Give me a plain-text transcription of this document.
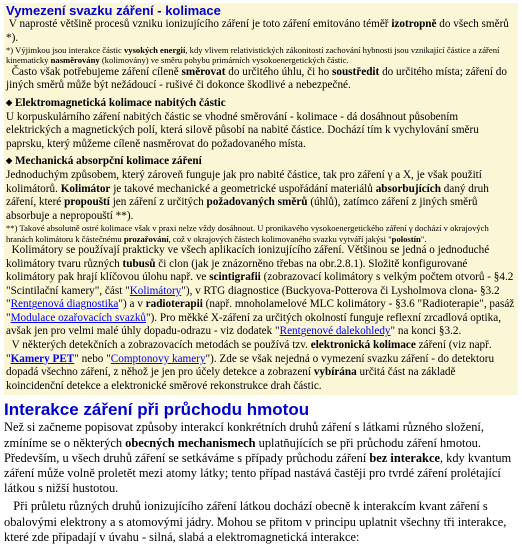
Vymezení svazku záření - kolimace

V naprosté většině procesů vzniku ionizujícího záření je toto záření emitováno téměř izotropně do všech směrů *).

*) Výjimkou jsou interakce částic vysokých energií, kdy vlivem relativistických zákonitostí zachování hybnosti jsou vznikající částice a záření kinematicky nasměrovány (kolimovány) ve směru pohybu primárních vysokoenergetických částic.

Často však potřebujeme záření cíleně směrovat do určitého úhlu, či ho soustředit do určitého místa; záření do jiných směrů může být nežádoucí - rušivé či dokonce škodlivé a nebezpečné.

◆ Elektromagnetická kolimace nabitých částic

U korpuskulárního záření nabitých částic se vhodné směrování - kolimace - dá dosáhnout působením elektrických a magnetických polí, která silově působí na nabité částice. Dochází tím k vychylování směru paprsku, který můžeme cíleně nasměrovat do požadovaného místa.

◆ Mechanická absorpční kolimace záření

Jednoduchým způsobem, který zároveň funguje jak pro nabité částice, tak pro záření γ a X, je však použití kolimátorů. Kolimátor je takové mechanické a geometrické uspořádání materiálů absorbujících daný druh záření, které propouští jen záření z určitých požadovaných směrů (úhlů), zatímco záření z jiných směrů absorbuje a nepropouští **).

**) Takové absolutně ostré kolimace však v praxi nelze vždy dosáhnout. U pronikavého vysokoenergetického záření γ dochází v okrajových hranách kolimátoru k částečnému prozařování, což v okrajových částech kolimovaného svazku vytváří jakýsi "polostín".

Kolimátory se používají prakticky ve všech aplikacích ionizujícího záření. Většinou se jedná o jednoduché kolimátory tvaru různých tubusů či clon (jak je znázorněno třebas na obr.2.8.1). Složitě konfigurované kolimátory pak hrají klíčovou úlohu např. ve scintigrafii (zobrazovací kolimátory s velkým počtem otvorů - §4.2 "Scintilační kamery", část "Kolimátory"), v RTG diagnostice (Buckyova-Potterova či Lysholmova clona- §3.2 "Rentgenová diagnostika") a v radioterapii (např. mnoholamelové MLC kolimátory - §3.6 "Radioterapie", pasáž "Modulace ozařovacích svazků"). Pro měkké X-záření za určitých okolností funguje reflexní zrcadlová optika, avšak jen pro velmi malé úhly dopadu-odrazu - viz dodatek "Rentgenové dalekohledy" na konci §3.2.

V některých detekčních a zobrazovacích metodách se používá tzv. elektronická kolimace záření (viz např. "Kamery PET" nebo "Comptonovy kamery"). Zde se však nejedná o vymezení svazku záření - do detektoru dopadá všechno záření, z něhož je jen pro účely detekce a zobrazení vybírána určitá část na základě koincidenční detekce a elektronické směrové rekonstrukce drah částic.

Interakce záření při průchodu hmotou

Než si začneme popisovat způsoby interakcí konkrétních druhů záření s látkami různého složení, zmíníme se o některých obecných mechanismech uplatňujících se při průchodu záření hmotou. Především, u všech druhů záření se setkáváme s případy průchodu záření bez interakce, kdy kvantum záření může volně proletět mezi atomy látky; tento případ nastává častěji pro tvrdé záření prolétající látkou s nižší hustotou.

Při průletu různých druhů ionizujícího záření látkou dochází obecně k interakcím kvant záření s obalovými elektrony a s atomovými jádry. Mohou se přitom v principu uplatnit všechny tři interakce, které zde připadají v úvahu - silná, slabá a elektromagnetická interakce:
